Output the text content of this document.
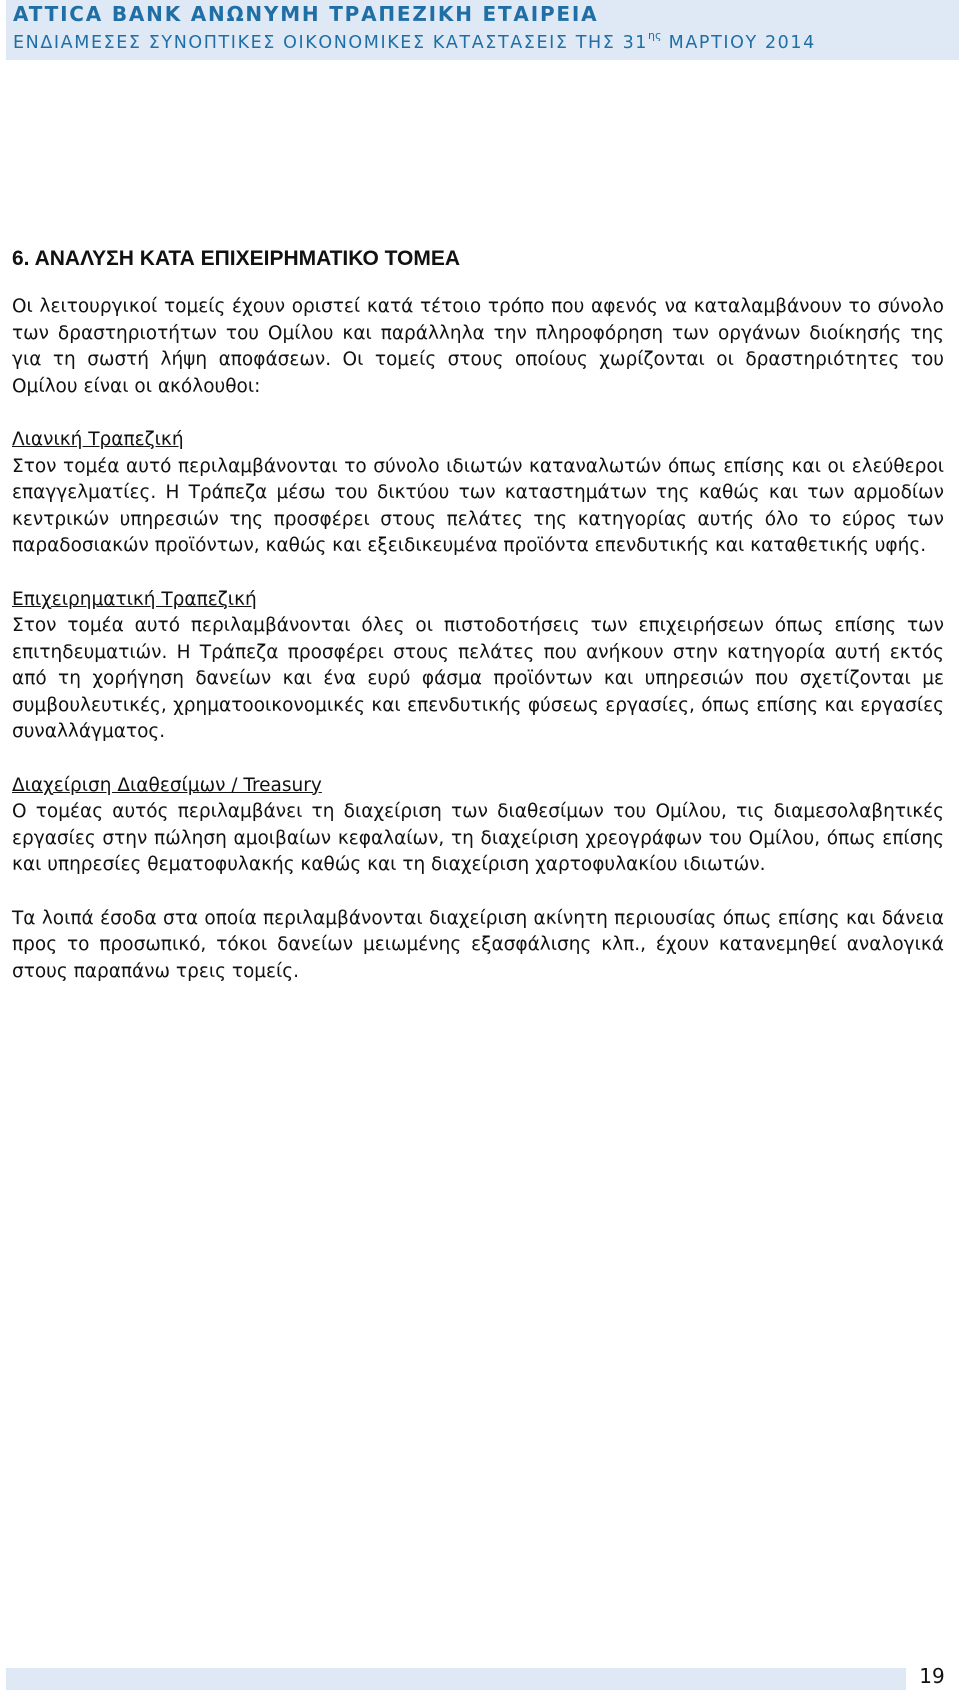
ATTICA BANK ΑΝΩΝΥΜΗ ΤΡΑΠΕΖΙΚΗ ΕΤΑΙΡΕΙΑ
ΕΝΔΙΑΜΕΣΕΣ ΣΥΝΟΠΤΙΚΕΣ ΟΙΚΟΝΟΜΙΚΕΣ ΚΑΤΑΣΤΑΣΕΙΣ ΤΗΣ $31^{\eta\varsigma}$ ΜΑΡΤΙΟΥ 2014
6. ΑΝΑΛΥΣΗ ΚΑΤΑ ΕΠΙΧΕΙΡΗΜΑΤΙΚΟ ΤΟΜΕΑ

Οι λειτουργικοί τομείς έχουν οριστεί κατά τέτοιο τρόπο που αφενός να καταλαμβάνουν το σύνολο των δραστηριοτήτων του Ομίλου και παράλληλα την πληροφόρηση των οργάνων διοίκησής της για τη σωστή λήψη αποφάσεων. Οι τομείς στους οποίους χωρίζονται οι δραστηριότητες του Ομίλου είναι οι ακόλουθοι:

Λιανική Τραπεζική

Στον τομέα αυτό περιλαμβάνονται το σύνολο ιδιωτών καταναλωτών όπως επίσης και οι ελεύθεροι επαγγελματίες. Η Τράπεζα μέσω του δικτύου των καταστημάτων της καθώς και των αρμοδίων κεντρικών υπηρεσιών της προσφέρει στους πελάτες της κατηγορίας αυτής όλο το εύρος των παραδοσιακών προϊόντων, καθώς και εξειδικευμένα προϊόντα επενδυτικής και καταθετικής υφής.

Επιχειρηματική Τραπεζική

Στον τομέα αυτό περιλαμβάνονται όλες οι πιστοδοτήσεις των επιχειρήσεων όπως επίσης των επιτηδευματιών. Η Τράπεζα προσφέρει στους πελάτες που ανήκουν στην κατηγορία αυτή εκτός από τη χορήγηση δανείων και ένα ευρύ φάσμα προϊόντων και υπηρεσιών που σχετίζονται με συμβουλευτικές, χρηματοοικονομικές και επενδυτικής φύσεως εργασίες, όπως επίσης και εργασίες συναλλάγματος.

Διαχείριση Διαθεσίμων / Treasury

Ο τομέας αυτός περιλαμβάνει τη διαχείριση των διαθεσίμων του Ομίλου, τις διαμεσολαβητικές εργασίες στην πώληση αμοιβαίων κεφαλαίων, τη διαχείριση χρεογράφων του Ομίλου, όπως επίσης και υπηρεσίες θεματοφυλακής καθώς και τη διαχείριση χαρτοφυλακίου ιδιωτών.

Τα λοιπά έσοδα στα οποία περιλαμβάνονται διαχείριση ακίνητη περιουσίας όπως επίσης και δάνεια προς το προσωπικό, τόκοι δανείων μειωμένης εξασφάλισης κλπ., έχουν κατανεμηθεί αναλογικά στους παραπάνω τρεις τομείς.

19
